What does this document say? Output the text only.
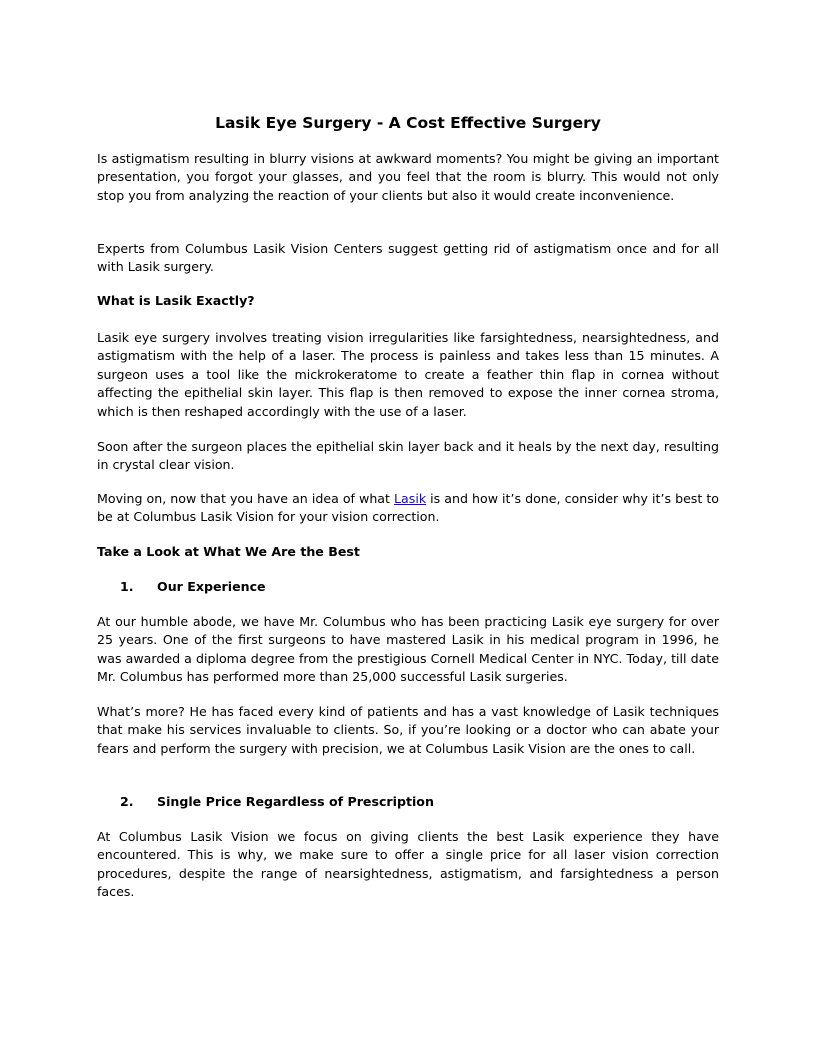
Lasik Eye Surgery - A Cost Effective Surgery
Is astigmatism resulting in blurry visions at awkward moments? You might be giving an important presentation, you forgot your glasses, and you feel that the room is blurry. This would not only stop you from analyzing the reaction of your clients but also it would create inconvenience.
Experts from Columbus Lasik Vision Centers suggest getting rid of astigmatism once and for all with Lasik surgery.
What is Lasik Exactly?
Lasik eye surgery involves treating vision irregularities like farsightedness, nearsightedness, and astigmatism with the help of a laser. The process is painless and takes less than 15 minutes. A surgeon uses a tool like the mickrokeratome to create a feather thin flap in cornea without affecting the epithelial skin layer. This flap is then removed to expose the inner cornea stroma, which is then reshaped accordingly with the use of a laser.
Soon after the surgeon places the epithelial skin layer back and it heals by the next day, resulting in crystal clear vision.
Moving on, now that you have an idea of what Lasik is and how it’s done, consider why it’s best to be at Columbus Lasik Vision for your vision correction.
Take a Look at What We Are the Best
1. Our Experience
At our humble abode, we have Mr. Columbus who has been practicing Lasik eye surgery for over 25 years. One of the first surgeons to have mastered Lasik in his medical program in 1996, he was awarded a diploma degree from the prestigious Cornell Medical Center in NYC. Today, till date Mr. Columbus has performed more than 25,000 successful Lasik surgeries.
What’s more? He has faced every kind of patients and has a vast knowledge of Lasik techniques that make his services invaluable to clients. So, if you’re looking or a doctor who can abate your fears and perform the surgery with precision, we at Columbus Lasik Vision are the ones to call.
2. Single Price Regardless of Prescription
At Columbus Lasik Vision we focus on giving clients the best Lasik experience they have encountered. This is why, we make sure to offer a single price for all laser vision correction procedures, despite the range of nearsightedness, astigmatism, and farsightedness a person faces.
